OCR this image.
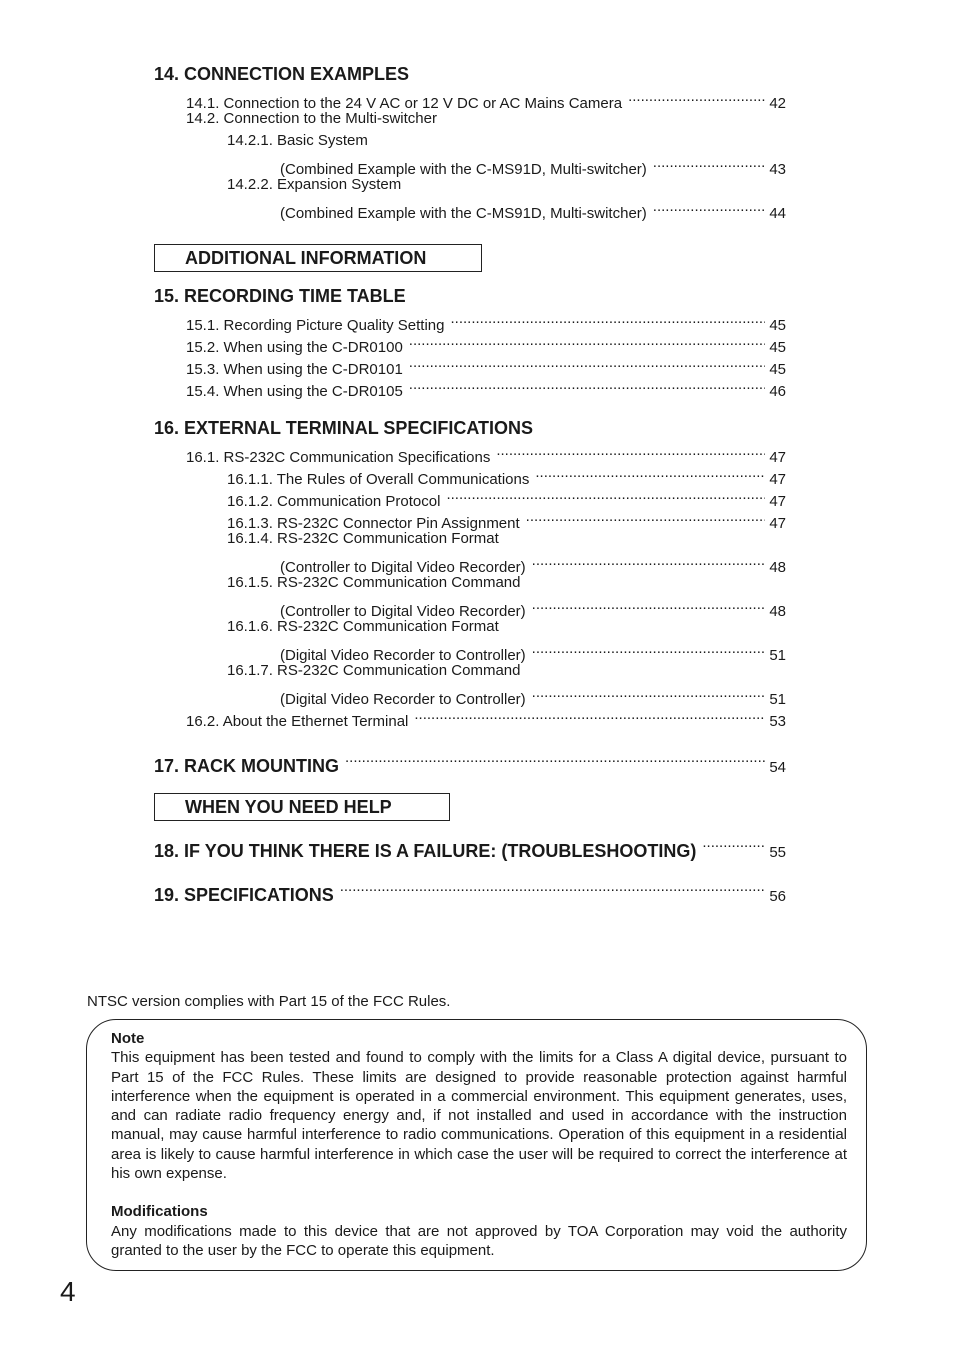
14. CONNECTION EXAMPLES
14.1. Connection to the 24 V AC or 12 V DC or AC Mains Camera .....	42
14.2. Connection to the Multi-switcher
14.2.1. Basic System
(Combined Example with the C-MS91D, Multi-switcher) .....	43
14.2.2. Expansion System
(Combined Example with the C-MS91D, Multi-switcher) .....	44
ADDITIONAL INFORMATION
15. RECORDING TIME TABLE
15.1. Recording Picture Quality Setting .....	45
15.2. When using the C-DR0100 .....	45
15.3. When using the C-DR0101 .....	45
15.4. When using the C-DR0105 .....	46
16. EXTERNAL TERMINAL SPECIFICATIONS
16.1. RS-232C Communication Specifications .....	47
16.1.1. The Rules of Overall Communications .....	47
16.1.2. Communication Protocol .....	47
16.1.3. RS-232C Connector Pin Assignment .....	47
16.1.4. RS-232C Communication Format
(Controller to Digital Video Recorder) .....	48
16.1.5. RS-232C Communication Command
(Controller to Digital Video Recorder) .....	48
16.1.6. RS-232C Communication Format
(Digital Video Recorder to Controller) .....	51
16.1.7. RS-232C Communication Command
(Digital Video Recorder to Controller) .....	51
16.2. About the Ethernet Terminal .....	53
17. RACK MOUNTING .....	54
WHEN YOU NEED HELP
18. IF YOU THINK THERE IS A FAILURE: (TROUBLESHOOTING) .....	55
19. SPECIFICATIONS .....	56
NTSC version complies with Part 15 of the FCC Rules.
Note

This equipment has been tested and found to comply with the limits for a Class A digital device, pursuant to Part 15 of the FCC Rules. These limits are designed to provide reasonable protection against harmful interference when the equipment is operated in a commercial environment. This equipment generates, uses, and can radiate radio frequency energy and, if not installed and used in accordance with the instruction manual, may cause harmful interference to radio communications. Operation of this equipment in a residential area is likely to cause harmful interference in which case the user will be required to correct the interference at his own expense.

Modifications

Any modifications made to this device that are not approved by TOA Corporation may void the authority granted to the user by the FCC to operate this equipment.

4
